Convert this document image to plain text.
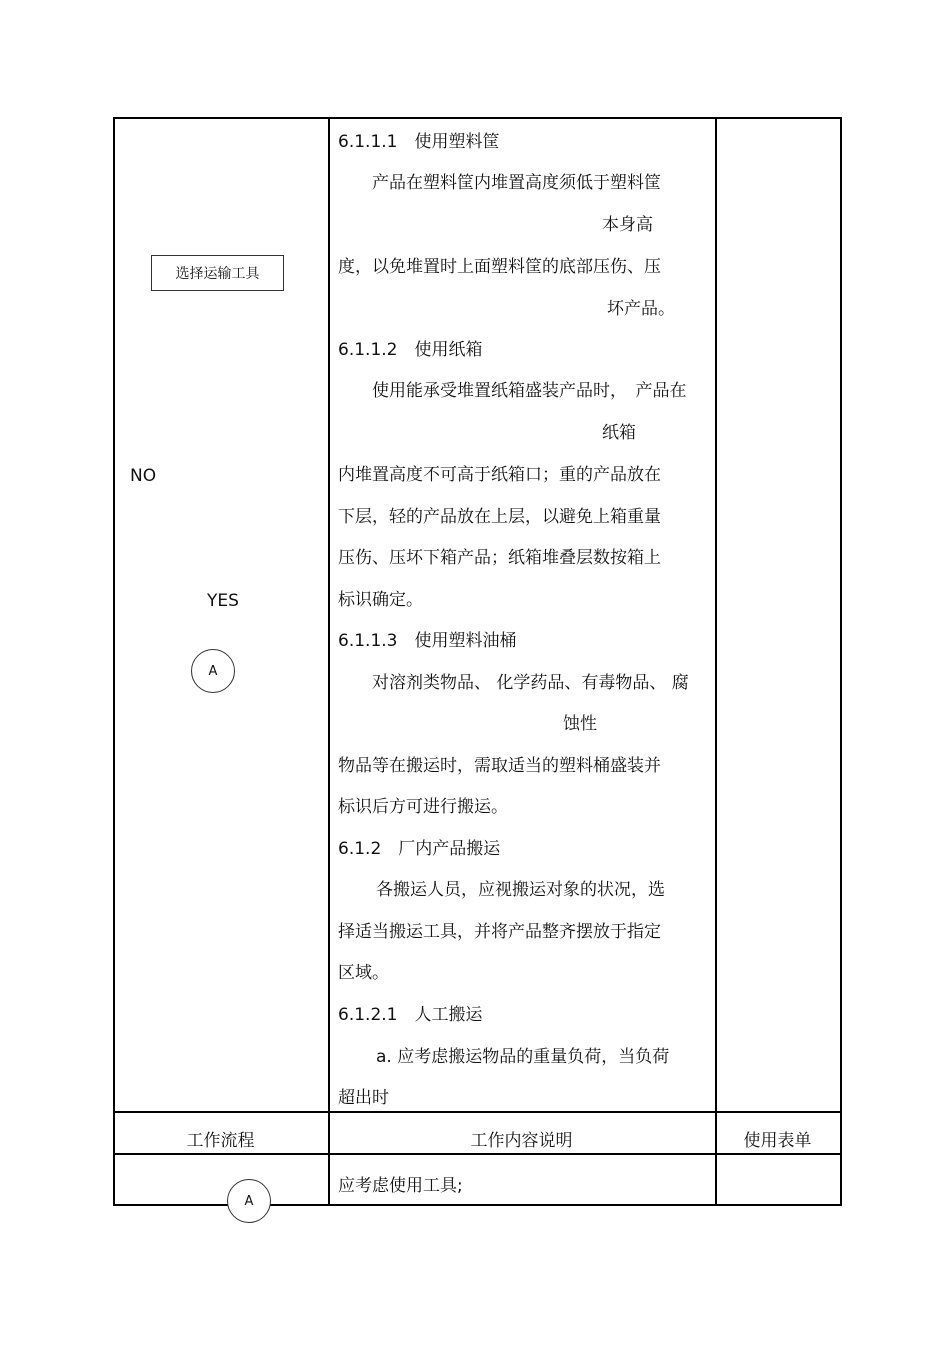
选择运输工具
NO
YES
A
6.1.1.1　使用塑料筐
产品在塑料筐内堆置高度须低于塑料筐
本身高
度，以免堆置时上面塑料筐的底部压伤、压
坏产品。
6.1.1.2　使用纸箱
使用能承受堆置纸箱盛装产品时，　产品在
纸箱
内堆置高度不可高于纸箱口；重的产品放在
下层，轻的产品放在上层，以避免上箱重量
压伤、压坏下箱产品；纸箱堆叠层数按箱上
标识确定。
6.1.1.3　使用塑料油桶
对溶剂类物品、 化学药品、有毒物品、 腐
蚀性
物品等在搬运时，需取适当的塑料桶盛装并
标识后方可进行搬运。
6.1.2　厂内产品搬运
各搬运人员，应视搬运对象的状况，选
择适当搬运工具，并将产品整齐摆放于指定
区域。
6.1.2.1　人工搬运
a. 应考虑搬运物品的重量负荷，当负荷
超出时
工作流程	工作内容说明	使用表单
应考虑使用工具;
A
